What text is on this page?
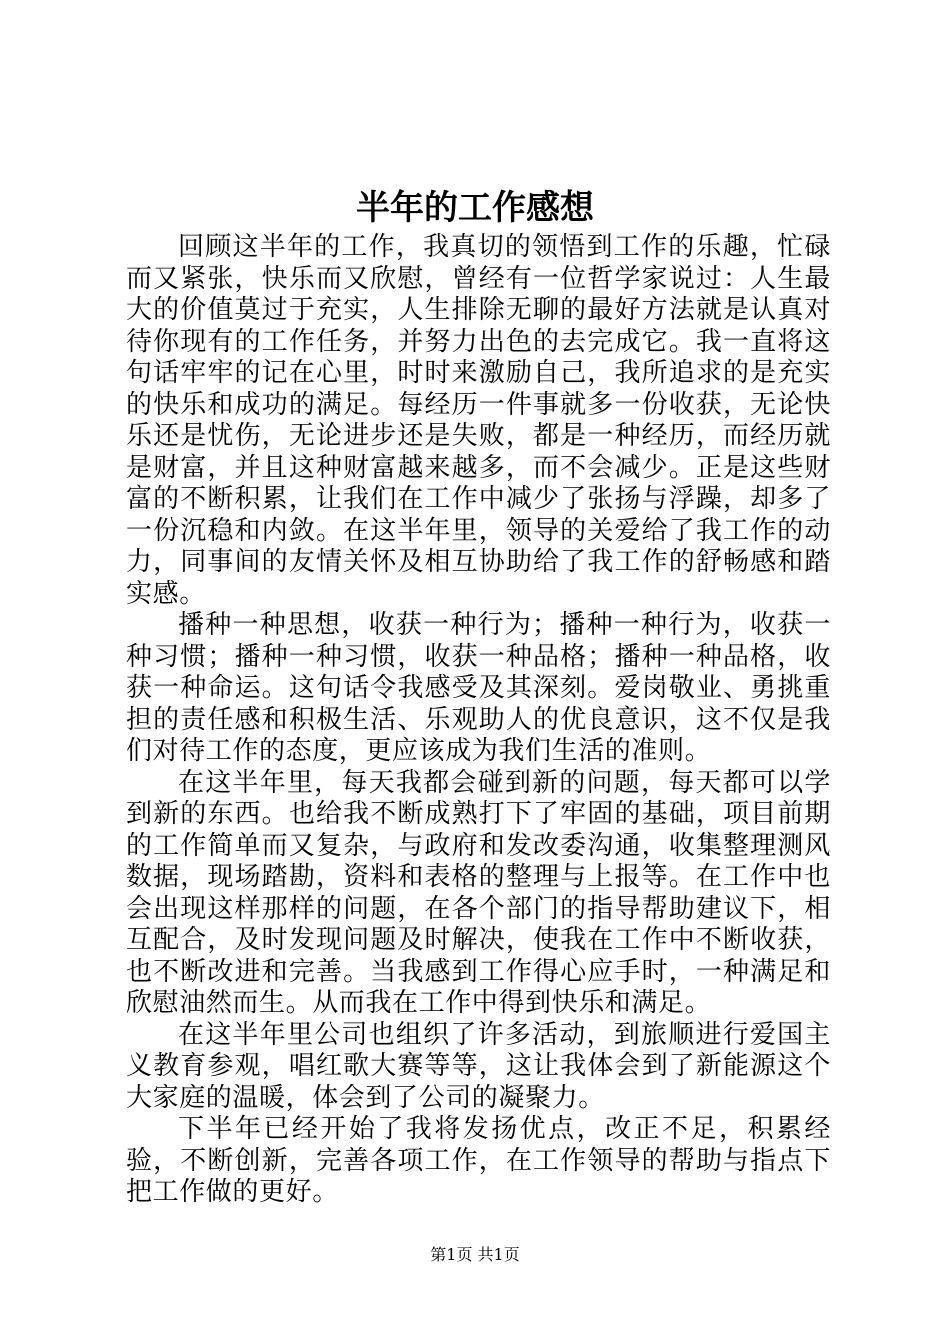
半年的工作感想

回顾这半年的工作，我真切的领悟到工作的乐趣，忙碌而又紧张，快乐而又欣慰，曾经有一位哲学家说过：人生最大的价值莫过于充实，人生排除无聊的最好方法就是认真对待你现有的工作任务，并努力出色的去完成它。我一直将这句话牢牢的记在心里，时时来激励自己，我所追求的是充实的快乐和成功的满足。每经历一件事就多一份收获，无论快乐还是忧伤，无论进步还是失败，都是一种经历，而经历就是财富，并且这种财富越来越多，而不会减少。正是这些财富的不断积累，让我们在工作中减少了张扬与浮躁，却多了一份沉稳和内敛。在这半年里，领导的关爱给了我工作的动力，同事间的友情关怀及相互协助给了我工作的舒畅感和踏实感。

播种一种思想，收获一种行为；播种一种行为，收获一种习惯；播种一种习惯，收获一种品格；播种一种品格，收获一种命运。这句话令我感受及其深刻。爱岗敬业、勇挑重担的责任感和积极生活、乐观助人的优良意识，这不仅是我们对待工作的态度，更应该成为我们生活的准则。

在这半年里，每天我都会碰到新的问题，每天都可以学到新的东西。也给我不断成熟打下了牢固的基础，项目前期的工作简单而又复杂，与政府和发改委沟通，收集整理测风数据，现场踏勘，资料和表格的整理与上报等。在工作中也会出现这样那样的问题，在各个部门的指导帮助建议下，相互配合，及时发现问题及时解决，使我在工作中不断收获，也不断改进和完善。当我感到工作得心应手时，一种满足和欣慰油然而生。从而我在工作中得到快乐和满足。

在这半年里公司也组织了许多活动，到旅顺进行爱国主义教育参观，唱红歌大赛等等，这让我体会到了新能源这个大家庭的温暖，体会到了公司的凝聚力。

下半年已经开始了我将发扬优点，改正不足，积累经验，不断创新，完善各项工作，在工作领导的帮助与指点下把工作做的更好。

第1页 共1页
